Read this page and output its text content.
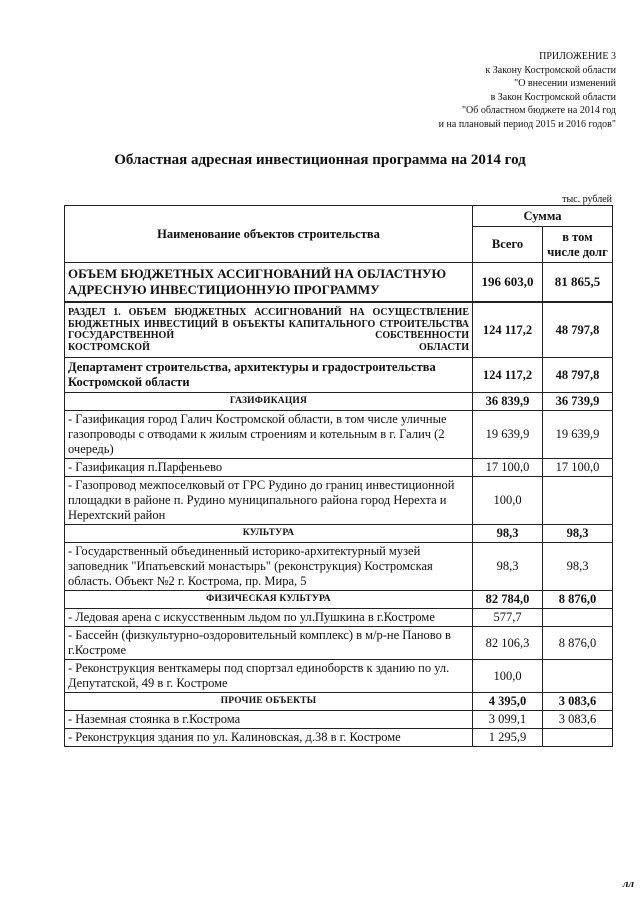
ПРИЛОЖЕНИЕ 3
к Закону Костромской области
"О внесении изменений
в Закон Костромской области
"Об областном бюджете на 2014 год
и на плановый период 2015 и 2016 годов"
Областная адресная инвестиционная программа на 2014 год
тыс. рублей
Наименование объектов строительства	Сумма	
	Всего	в том числе долг
ОБЪЕМ БЮДЖЕТНЫХ АССИГНОВАНИЙ НА ОБЛАСТНУЮ АДРЕСНУЮ ИНВЕСТИЦИОННУЮ ПРОГРАММУ	196 603,0	81 865,5
РАЗДЕЛ 1. ОБЪЕМ БЮДЖЕТНЫХ АССИГНОВАНИЙ НА ОСУЩЕСТВЛЕНИЕ БЮДЖЕТНЫХ ИНВЕСТИЦИЙ В ОБЪЕКТЫ КАПИТАЛЬНОГО СТРОИТЕЛЬСТВА ГОСУДАРСТВЕННОЙ СОБСТВЕННОСТИ
КОСТРОМСКОЙ ОБЛАСТИ	124 117,2	48 797,8
Департамент строительства, архитектуры и градостроительства Костромской области	124 117,2	48 797,8
ГАЗИФИКАЦИЯ	36 839,9	36 739,9
- Газификация город Галич Костромской области, в том числе уличные газопроводы с отводами к жилым строениям и котельным в г. Галич (2 очередь)	19 639,9	19 639,9
- Газификация п.Парфеньево	17 100,0	17 100,0
- Газопровод межпоселковый от ГРС Рудино до границ инвестиционной площадки в районе п. Рудино муниципального района город Нерехта и Нерехтский район	100,0	
КУЛЬТУРА	98,3	98,3
- Государственный объединенный историко-архитектурный музей заповедник "Ипатьевский монастырь" (реконструкция) Костромская область. Объект №2 г. Кострома, пр. Мира, 5	98,3	98,3
ФИЗИЧЕСКАЯ КУЛЬТУРА	82 784,0	8 876,0
- Ледовая арена с искусственным льдом по ул.Пушкина в г.Костроме	577,7	
- Бассейн (физкультурно-оздоровительный комплекс) в м/р-не Паново в г.Костроме	82 106,3	8 876,0
- Реконструкция венткамеры под спортзал единоборств к зданию по ул. Депутатской, 49 в г. Костроме	100,0	
ПРОЧИЕ ОБЪЕКТЫ	4 395,0	3 083,6
- Наземная стоянка в г.Кострома	3 099,1	3 083,6
- Реконструкция здания по ул. Калиновская, д.38 в г. Костроме	1 295,9	
лл
